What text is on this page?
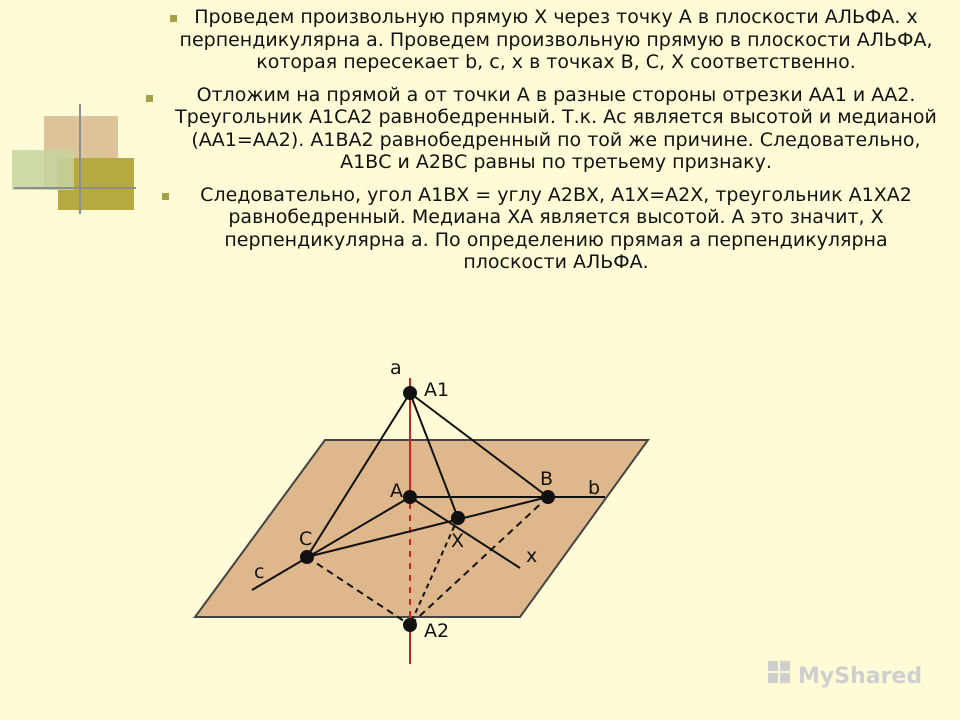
Проведем произвольную прямую Х через точку А в плоскости АЛЬФА. x перпендикулярна а. Проведем произвольную прямую в плоскости АЛЬФА, которая пересекает b, c, x в точках В, С, Х соответственно.
Отложим на прямой а от точки А в разные стороны отрезки АА1 и АА2. Треугольник А1СА2 равнобедренный. Т.к. Ас является высотой и медианой (АА1=АА2). А1ВА2 равнобедренный по той же причине. Следовательно, А1ВС и А2ВС равны по третьему признаку.
Следовательно, угол А1ВХ = углу А2ВХ, А1Х=А2Х, треугольник А1ХА2 равнобедренный. Медиана ХА является высотой. А это значит, Х перпендикулярна а. По определению прямая а перпендикулярна плоскости АЛЬФА.
a
A1
A
B b
X
x
C
c
A2
MyShared
